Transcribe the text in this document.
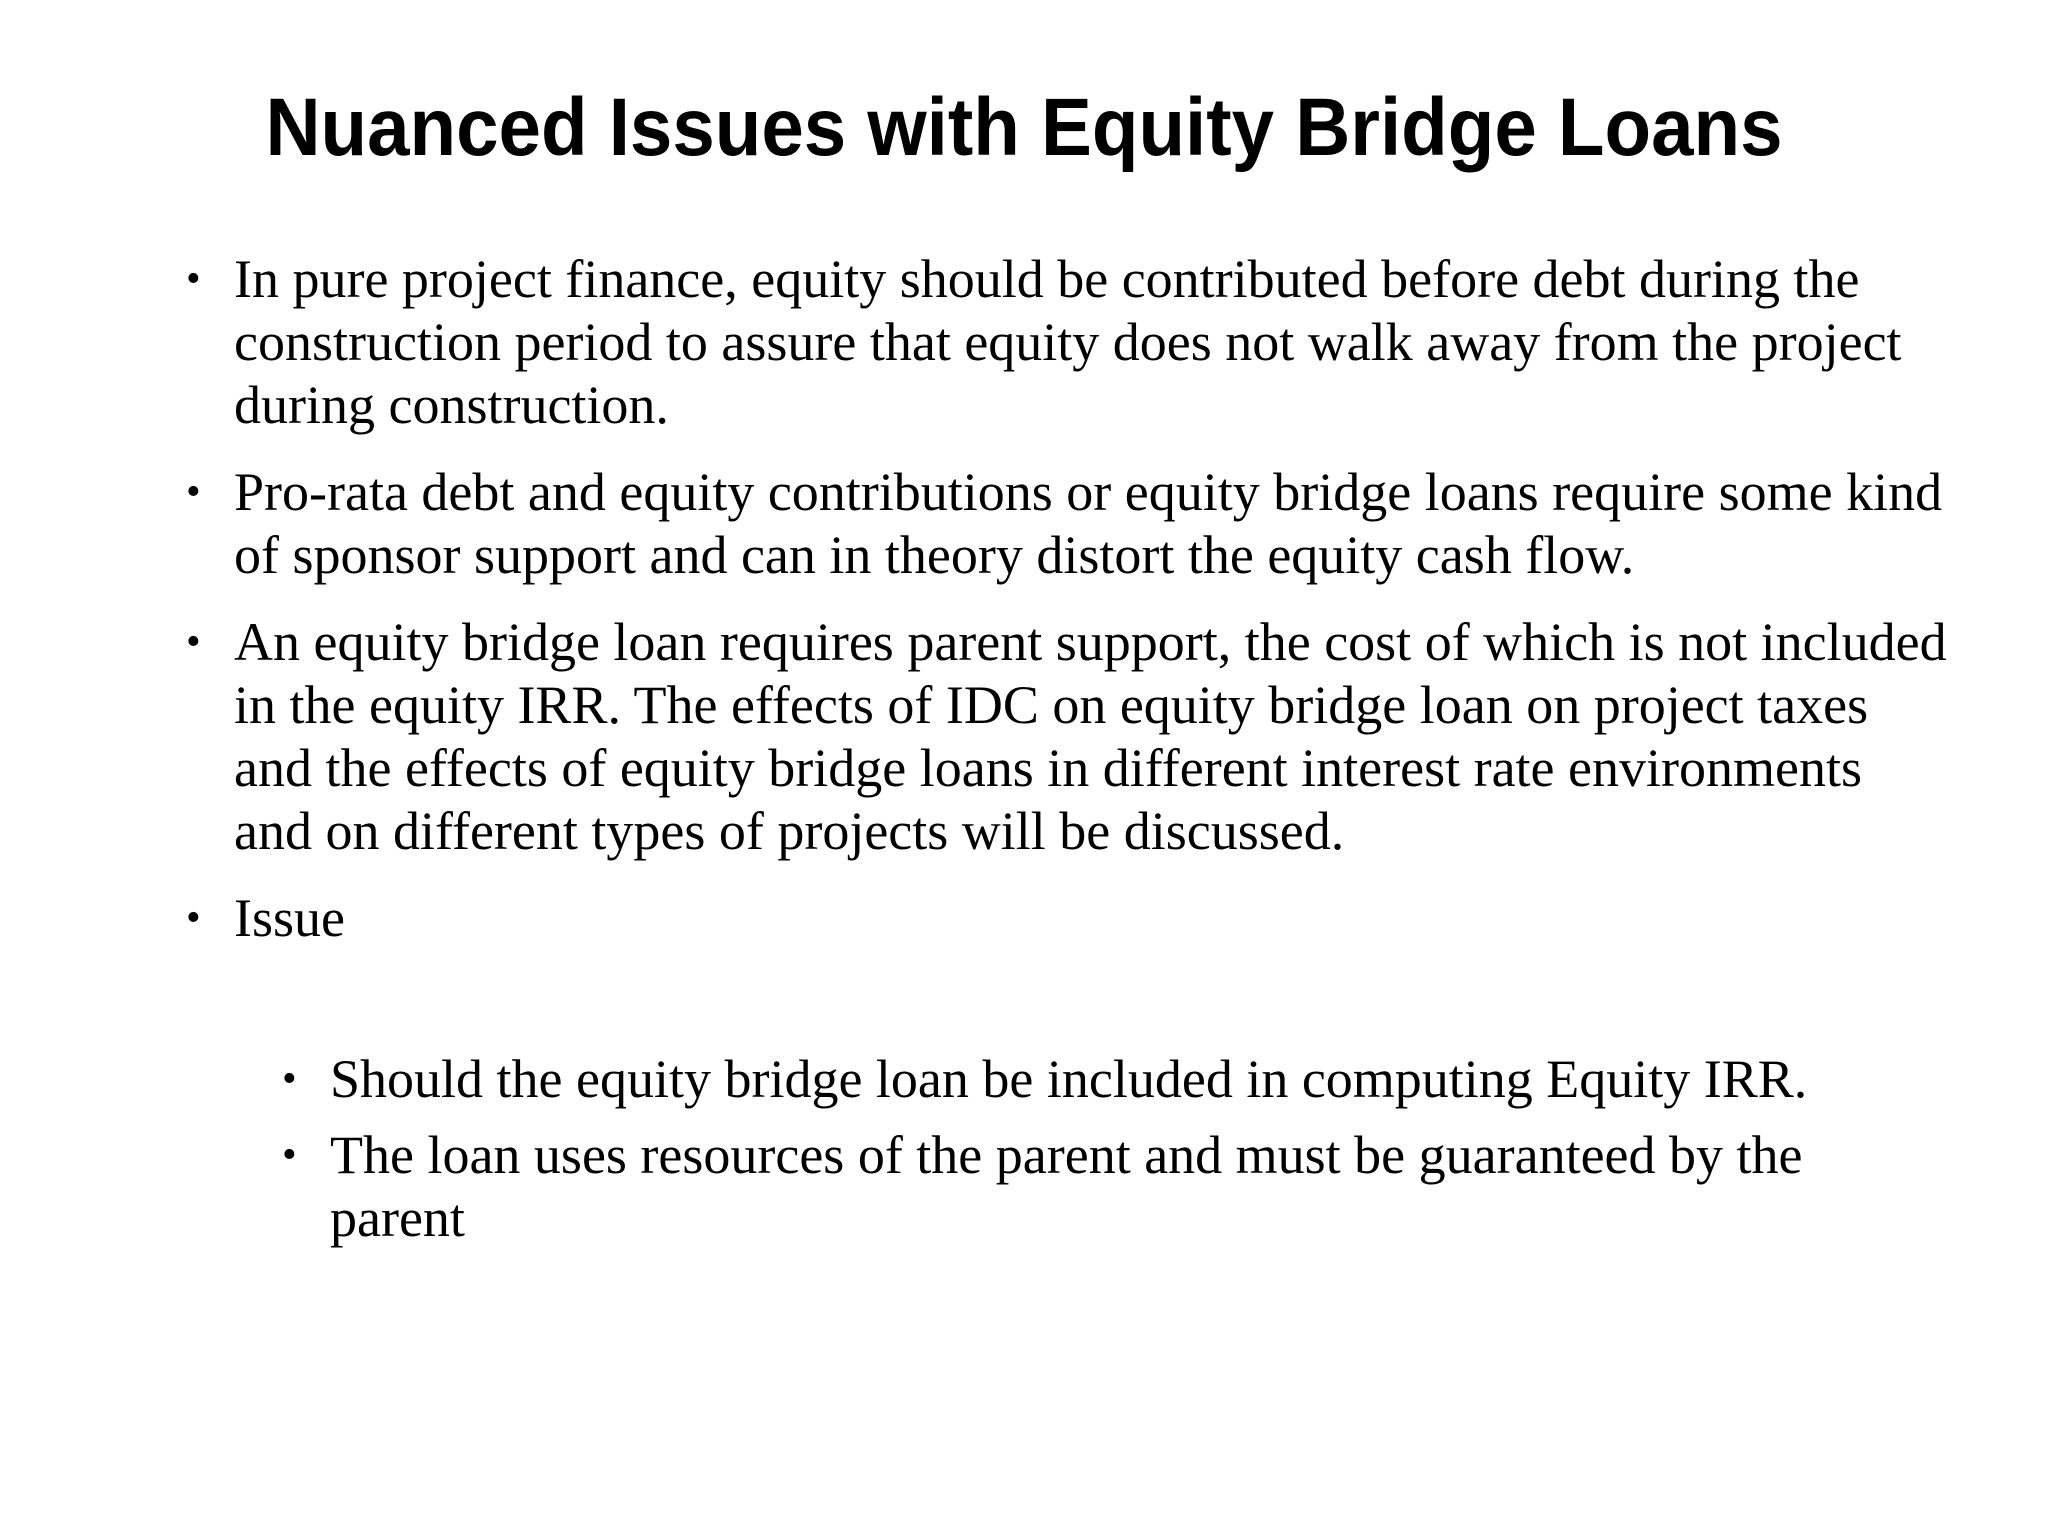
Nuanced Issues with Equity Bridge Loans
• In pure project finance, equity should be contributed before debt during the construction period to assure that equity does not walk away from the project during construction.
• Pro-rata debt and equity contributions or equity bridge loans require some kind of sponsor support and can in theory distort the equity cash flow.
• An equity bridge loan requires parent support, the cost of which is not included in the equity IRR. The effects of IDC on equity bridge loan on project taxes and the effects of equity bridge loans in different interest rate environments and on different types of projects will be discussed.
• Issue
• Should the equity bridge loan be included in computing Equity IRR.
• The loan uses resources of the parent and must be guaranteed by the parent
